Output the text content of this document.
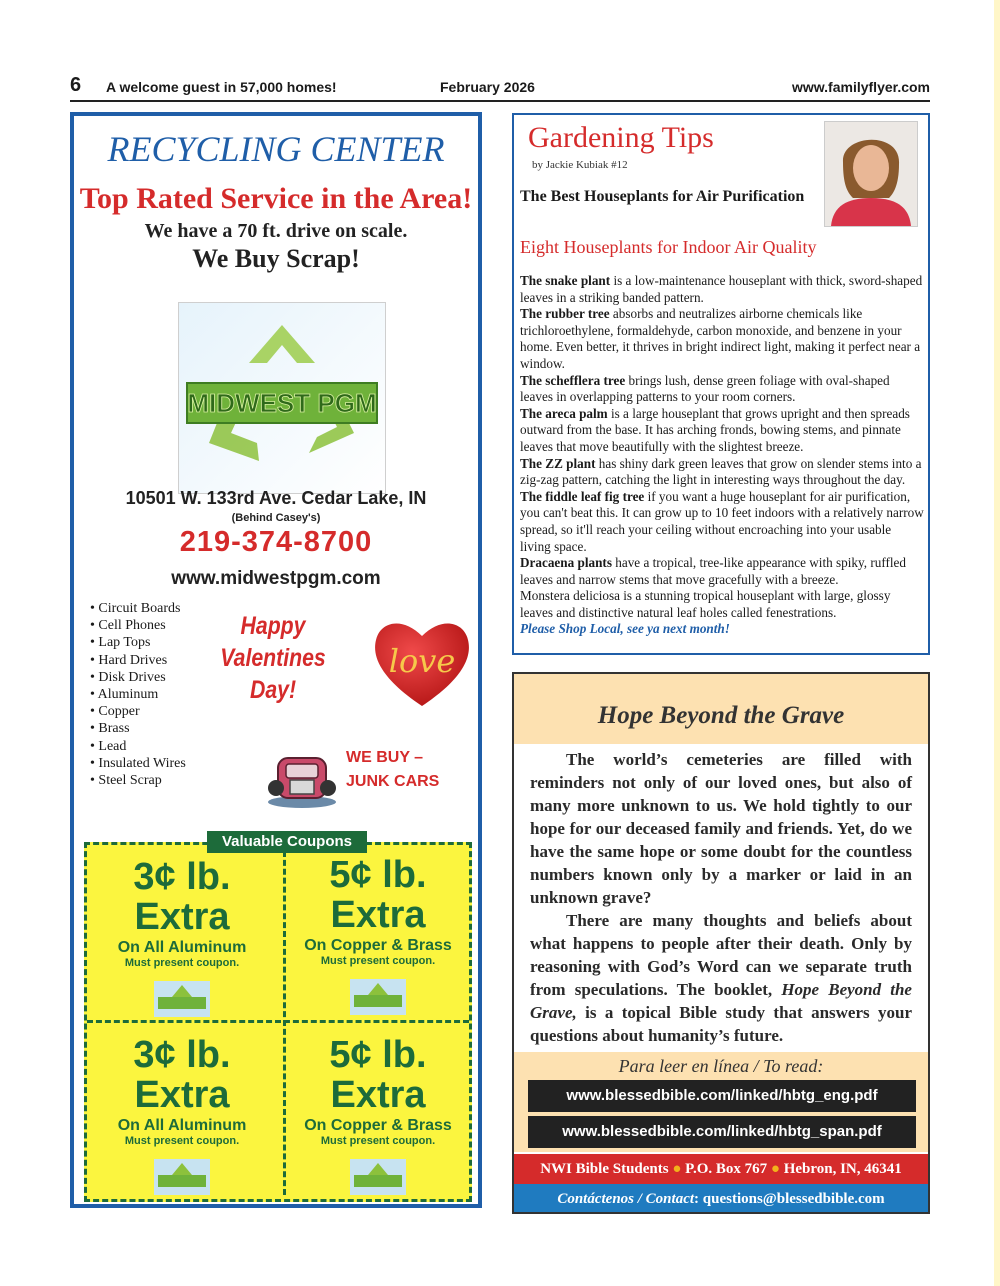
6 A welcome guest in 57,000 homes!	February 2026	www.familyflyer.com
RECYCLING CENTER
Top Rated Service in the Area!
We have a 70 ft. drive on scale.
We Buy Scrap!
MIDWEST PGM
10501 W. 133rd Ave. Cedar Lake, IN
(Behind Casey's)
219-374-8700
www.midwestpgm.com
• Circuit Boards
• Cell Phones
• Lap Tops
• Hard Drives
• Disk Drives
• Aluminum
• Copper
• Brass
• Lead
• Insulated Wires
• Steel Scrap
Happy
Valentines
Day!
love
WE BUY –
JUNK CARS
Valuable Coupons
3¢ lb.
Extra
On All Aluminum
Must present coupon.
5¢ lb.
Extra
On Copper & Brass
Must present coupon.
3¢ lb.
Extra
On All Aluminum
Must present coupon.
5¢ lb.
Extra
On Copper & Brass
Must present coupon.
Gardening Tips
by Jackie Kubiak #12
The Best Houseplants for Air Purification
Eight Houseplants for Indoor Air Quality

The snake plant is a low-maintenance houseplant with thick, sword-shaped leaves in a striking banded pattern.

The rubber tree absorbs and neutralizes airborne chemicals like trichloroethylene, formaldehyde, carbon monoxide, and benzene in your home. Even better, it thrives in bright indirect light, making it perfect near a window.

The schefflera tree brings lush, dense green foliage with oval-shaped leaves in overlapping patterns to your room corners.

The areca palm is a large houseplant that grows upright and then spreads outward from the base. It has arching fronds, bowing stems, and pinnate leaves that move beautifully with the slightest breeze.

The ZZ plant has shiny dark green leaves that grow on slender stems into a zig-zag pattern, catching the light in interesting ways throughout the day.

The fiddle leaf fig tree if you want a huge houseplant for air purification, you can't beat this. It can grow up to 10 feet indoors with a relatively narrow spread, so it'll reach your ceiling without encroaching into your usable living space.

Dracaena plants have a tropical, tree-like appearance with spiky, ruffled leaves and narrow stems that move gracefully with a breeze.

Monstera deliciosa is a stunning tropical houseplant with large, glossy leaves and distinctive natural leaf holes called fenestrations.

Please Shop Local, see ya next month!

Hope Beyond the Grave

The world’s cemeteries are filled with reminders not only of our loved ones, but also of many more unknown to us. We hold tightly to our hope for our deceased family and friends. Yet, do we have the same hope or some doubt for the countless numbers known only by a marker or laid in an unknown grave?

There are many thoughts and beliefs about what happens to people after their death. Only by reasoning with God’s Word can we separate truth from speculations. The booklet, Hope Beyond the Grave, is a topical Bible study that answers your questions about humanity’s future.

Para leer en línea / To read:
www.blessedbible.com/linked/hbtg_eng.pdf
www.blessedbible.com/linked/hbtg_span.pdf
NWI Bible Students ● P.O. Box 767 ● Hebron, IN, 46341
Contáctenos / Contact: questions@blessedbible.com
